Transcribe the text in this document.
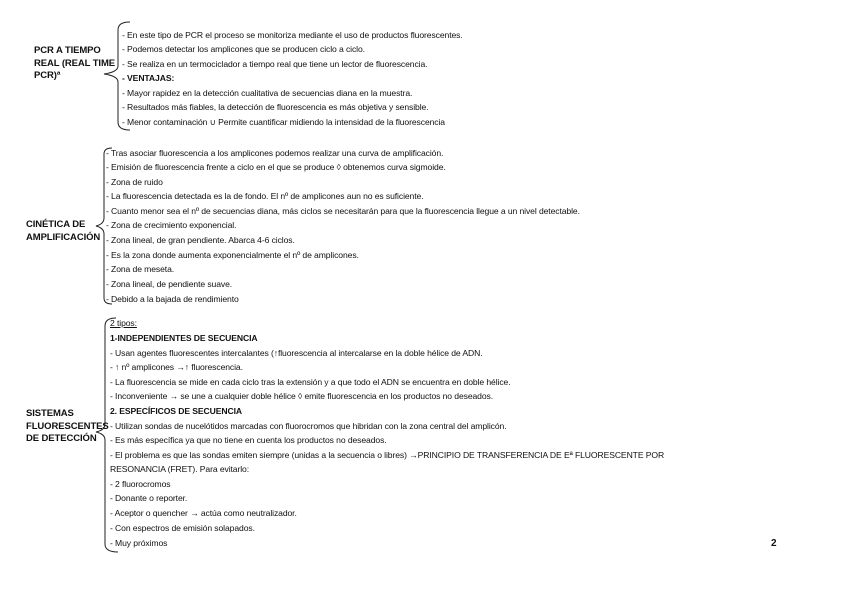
PCR A TIEMPO
REAL (REAL TIME
PCR)ª
- En este tipo de PCR el proceso se monitoriza mediante el uso de productos fluorescentes.
- Podemos detectar los amplicones que se producen ciclo a ciclo.
- Se realiza en un termociclador a tiempo real que tiene un lector de fluorescencia.
- VENTAJAS:
- Mayor rapidez en la detección cualitativa de secuencias diana en la muestra.
- Resultados más fiables, la detección de fluorescencia es más objetiva y sensible.
- Menor contaminación ∪ Permite cuantificar midiendo la intensidad de la fluorescencia
CINÉTICA DE
AMPLIFICACIÓN
- Tras asociar fluorescencia a los amplicones podemos realizar una curva de amplificación.
- Emisión de fluorescencia frente a ciclo en el que se produce ◊ obtenemos curva sigmoide.
- Zona de ruido
- La fluorescencia detectada es la de fondo. El nº de amplicones aun no es suficiente.
- Cuanto menor sea el nº de secuencias diana, más ciclos se necesitarán para que la fluorescencia llegue a un nivel detectable.
- Zona de crecimiento exponencial.
- Zona lineal, de gran pendiente. Abarca 4-6 ciclos.
- Es la zona donde aumenta exponencialmente el nº de amplicones.
- Zona de meseta.
- Zona lineal, de pendiente suave.
- Debido a la bajada de rendimiento
SISTEMAS
FLUORESCENTES
DE DETECCIÓN
2 tipos:
1-INDEPENDIENTES DE SECUENCIA
- Usan agentes fluorescentes intercalantes (↑fluorescencia al intercalarse en la doble hélice de ADN.
- ↑ nº amplicones →↑ fluorescencia.
- La fluorescencia se mide en cada ciclo tras la extensión y a que todo el ADN se encuentra en doble hélice.
- Inconveniente → se une a cualquier doble hélice ◊ emite fluorescencia en los productos no deseados.
2. ESPECÍFICOS DE SECUENCIA
- Utilizan sondas de nucelótidos marcadas con fluorocromos que hibridan con la zona central del amplicón.
- Es más específica ya que no tiene en cuenta los productos no deseados.
- El problema es que las sondas emiten siempre (unidas a la secuencia o libres) →PRINCIPIO DE TRANSFERENCIA DE Eª FLUORESCENTE POR
RESONANCIA (FRET). Para evitarlo:
- 2 fluorocromos
- Donante o reporter.
- Aceptor o quencher → actúa como neutralizador.
- Con espectros de emisión solapados.
- Muy próximos	2
